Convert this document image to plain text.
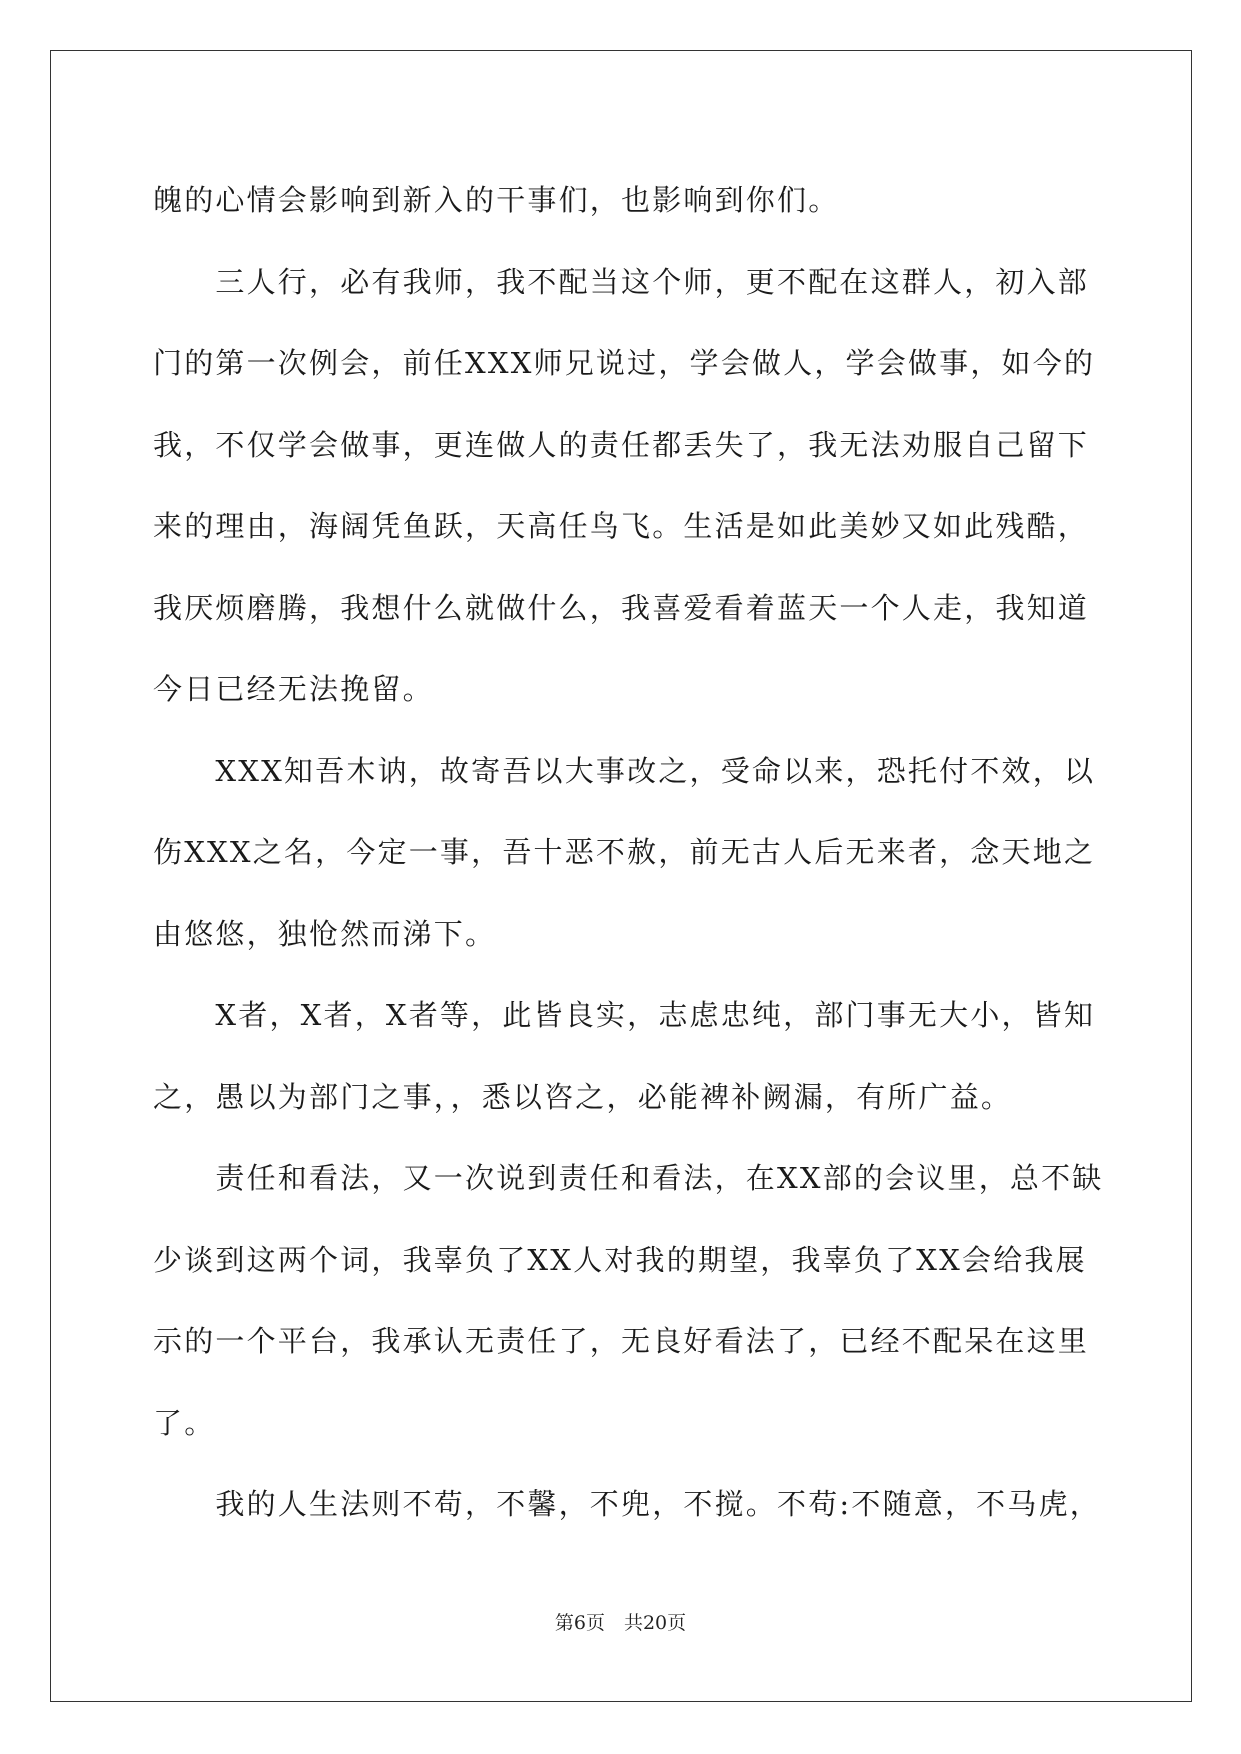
魄的心情会影响到新入的干事们，也影响到你们。
　　三人行，必有我师，我不配当这个师，更不配在这群人，初入部
门的第一次例会，前任XXX师兄说过，学会做人，学会做事，如今的
我，不仅学会做事，更连做人的责任都丢失了，我无法劝服自己留下
来的理由，海阔凭鱼跃，天高任鸟飞。生活是如此美妙又如此残酷，
我厌烦磨腾，我想什么就做什么，我喜爱看着蓝天一个人走，我知道
今日已经无法挽留。
　　XXX知吾木讷，故寄吾以大事改之，受命以来，恐托付不效，以
伤XXX之名，今定一事，吾十恶不赦，前无古人后无来者，念天地之
由悠悠，独怆然而涕下。
　　X者，X者，X者等，此皆良实，志虑忠纯，部门事无大小，皆知
之，愚以为部门之事，，悉以咨之，必能裨补阙漏，有所广益。
　　责任和看法，又一次说到责任和看法，在XX部的会议里，总不缺
少谈到这两个词，我辜负了XX人对我的期望，我辜负了XX会给我展
示的一个平台，我承认无责任了，无良好看法了，已经不配呆在这里
了。
　　我的人生法则不苟，不馨，不兜，不搅。不苟:不随意，不马虎，
第6页　共20页
